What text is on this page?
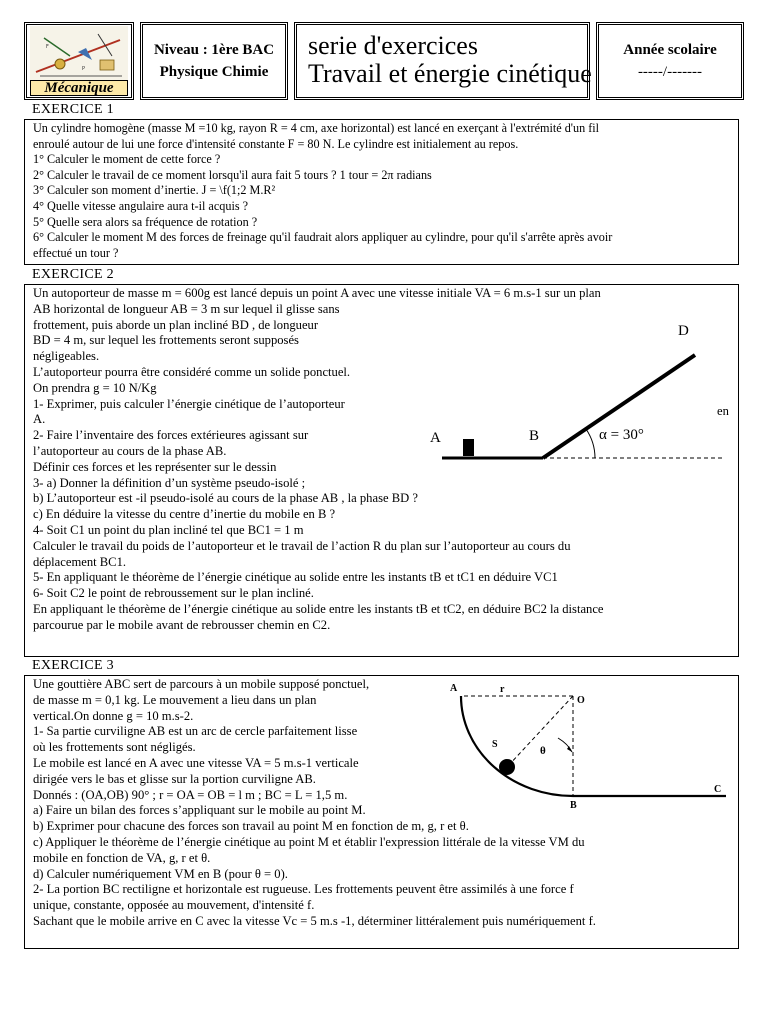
F
P
Mécanique
Niveau : 1ère BAC
Physique Chimie
serie d'exercices
Travail et énergie cinétique
Année scolaire
-----/-------
EXERCICE 1
Un cylindre homogène (masse M =10 kg, rayon R = 4 cm, axe horizontal) est lancé en exerçant à l'extrémité d'un fil
enroulé autour de lui une force d'intensité constante F = 80 N. Le cylindre est initialement au repos.
1° Calculer le moment de cette force ?
2° Calculer le travail de ce moment lorsqu'il aura fait 5 tours ? 1 tour = 2π radians
3° Calculer son moment d’inertie. J = \f(1;2 M.R²
4° Quelle vitesse angulaire aura t-il acquis ?
5° Quelle sera alors sa fréquence de rotation ?
6° Calculer le moment M des forces de freinage qu'il faudrait alors appliquer au cylindre, pour qu'il s'arrête après avoir
effectué un tour ?
EXERCICE 2
Un autoporteur de masse m = 600g est lancé depuis un point A avec une vitesse initiale VA = 6 m.s-1 sur un plan
AB horizontal de longueur AB = 3 m sur lequel il glisse sans
frottement, puis aborde un plan incliné BD , de longueur
BD = 4 m, sur lequel les frottements seront supposés
négligeables.
L’autoporteur pourra être considéré comme un solide ponctuel.
On prendra g = 10 N/Kg
1- Exprimer, puis calculer l’énergie cinétique de l’autoporteur
A.
2- Faire l’inventaire des forces extérieures agissant sur
l’autoporteur au cours de la phase AB.
Définir ces forces et les représenter sur le dessin
3- a) Donner la définition d’un système pseudo-isolé ;
b) L’autoporteur est -il pseudo-isolé au cours de la phase AB , la phase BD ?
c) En déduire la vitesse du centre d’inertie du mobile en B ?
4- Soit C1 un point du plan incliné tel que BC1 = 1 m
Calculer le travail du poids de l’autoporteur et le travail de l’action R du plan sur l’autoporteur au cours du
déplacement BC1.
5- En appliquant le théorème de l’énergie cinétique au solide entre les instants tB et tC1 en déduire VC1
6- Soit C2 le point de rebroussement sur le plan incliné.
En appliquant le théorème de l’énergie cinétique au solide entre les instants tB et tC2, en déduire BC2 la distance
parcourue par le mobile avant de rebrousser chemin en C2.
en
D
A	B	α = 30°
EXERCICE 3
Une gouttière ABC sert de parcours à un mobile supposé ponctuel,
de masse m = 0,1 kg. Le mouvement a lieu dans un plan
vertical.On donne g = 10 m.s-2.
1- Sa partie curviligne AB est un arc de cercle parfaitement lisse
où les frottements sont négligés.
Le mobile est lancé en A avec une vitesse VA = 5 m.s-1 verticale
dirigée vers le bas et glisse sur la portion curviligne AB.
Donnés : (OA,OB) 90° ; r = OA = OB = l m ; BC = L = 1,5 m.
a) Faire un bilan des forces s’appliquant sur le mobile au point M.
b) Exprimer pour chacune des forces son travail au point M en fonction de m, g, r et θ.
c) Appliquer le théorème de l’énergie cinétique au point M et établir l'expression littérale de la vitesse VM du
mobile en fonction de VA, g, r et θ.
d) Calculer numériquement VM en B (pour θ = 0).
2- La portion BC rectiligne et horizontale est rugueuse. Les frottements peuvent être assimilés à une force f
unique, constante, opposée au mouvement, d'intensité f.
Sachant que le mobile arrive en C avec la vitesse Vc = 5 m.s -1, déterminer littéralement puis numériquement f.
A	r
O
S
θ
B
C
